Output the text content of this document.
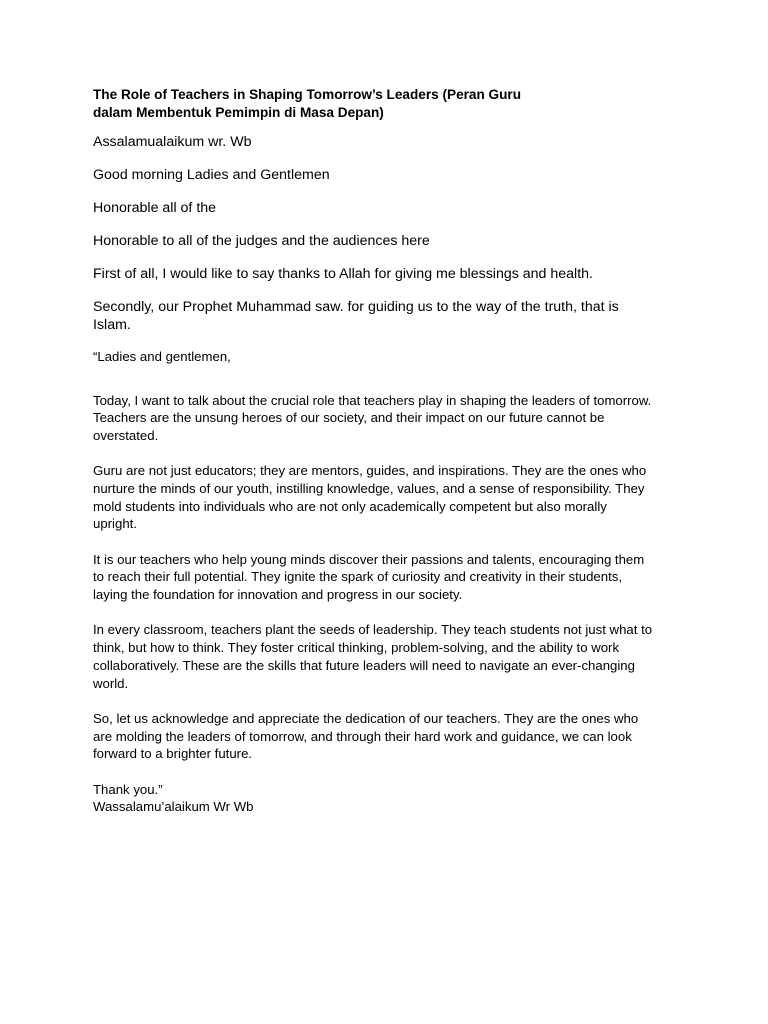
The Role of Teachers in Shaping Tomorrow’s Leaders (Peran Guru
dalam Membentuk Pemimpin di Masa Depan)

Assalamualaikum wr. Wb

Good morning Ladies and Gentlemen

Honorable all of the

Honorable to all of the judges and the audiences here

First of all, I would like to say thanks to Allah for giving me blessings and health.

Secondly, our Prophet Muhammad saw. for guiding us to the way of the truth, that is Islam.

“Ladies and gentlemen,

Today, I want to talk about the crucial role that teachers play in shaping the leaders of tomorrow. Teachers are the unsung heroes of our society, and their impact on our future cannot be overstated.

Guru are not just educators; they are mentors, guides, and inspirations. They are the ones who nurture the minds of our youth, instilling knowledge, values, and a sense of responsibility. They mold students into individuals who are not only academically competent but also morally upright.

It is our teachers who help young minds discover their passions and talents, encouraging them to reach their full potential. They ignite the spark of curiosity and creativity in their students, laying the foundation for innovation and progress in our society.

In every classroom, teachers plant the seeds of leadership. They teach students not just what to think, but how to think. They foster critical thinking, problem-solving, and the ability to work collaboratively. These are the skills that future leaders will need to navigate an ever-changing world.

So, let us acknowledge and appreciate the dedication of our teachers. They are the ones who are molding the leaders of tomorrow, and through their hard work and guidance, we can look forward to a brighter future.

Thank you.”

Wassalamu’alaikum Wr Wb
